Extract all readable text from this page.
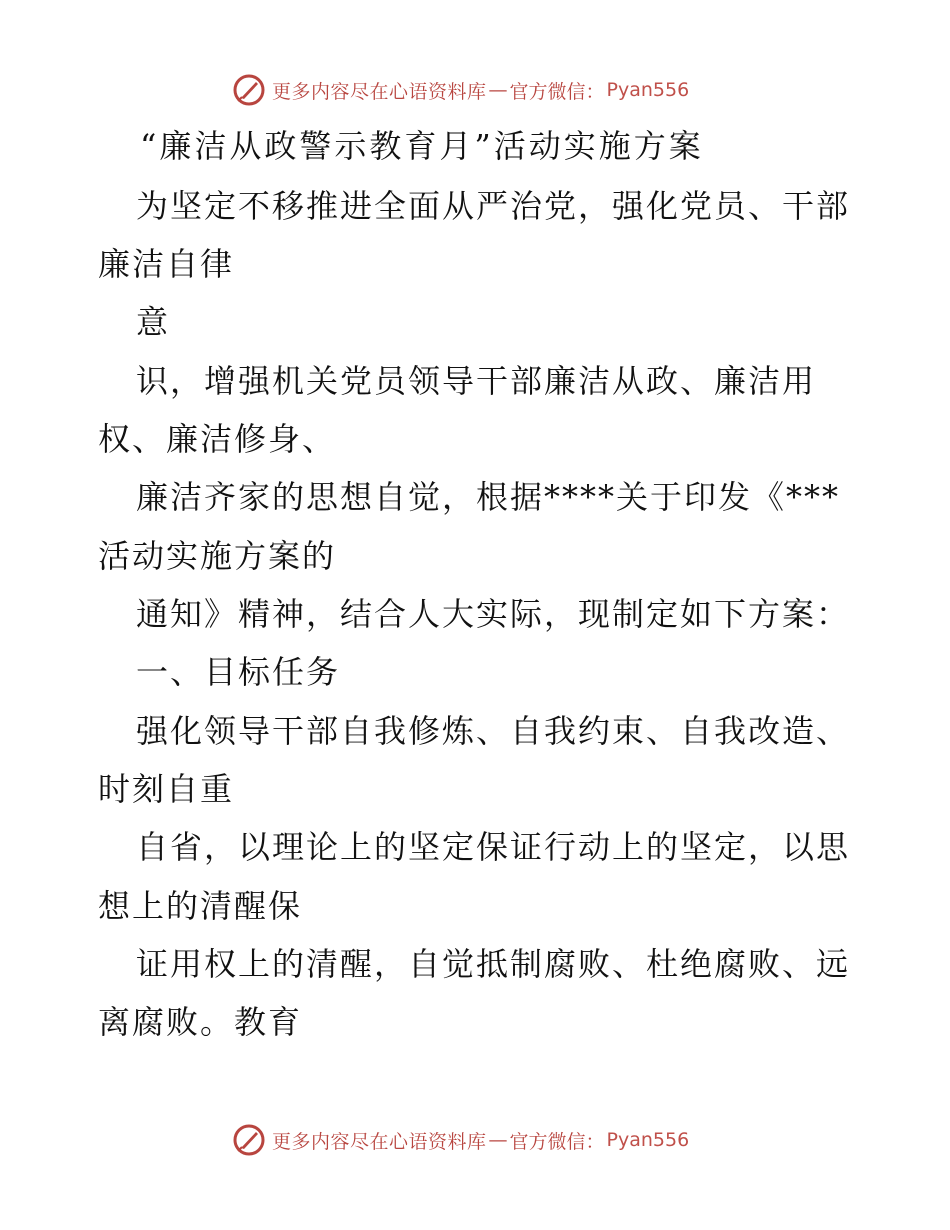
更多内容尽在心语资料库 — 官方微信： Pyan556
“廉洁从政警示教育月”活动实施方案
为坚定不移推进全面从严治党，强化党员、干部
廉洁自律
意
识，增强机关党员领导干部廉洁从政、廉洁用
权、廉洁修身、
廉洁齐家的思想自觉，根据****关于印发《***
活动实施方案的
通知》精神，结合人大实际，现制定如下方案：
一、目标任务
强化领导干部自我修炼、自我约束、自我改造、
时刻自重
自省，以理论上的坚定保证行动上的坚定，以思
想上的清醒保
证用权上的清醒，自觉抵制腐败、杜绝腐败、远
离腐败。教育
更多内容尽在心语资料库 — 官方微信： Pyan556
